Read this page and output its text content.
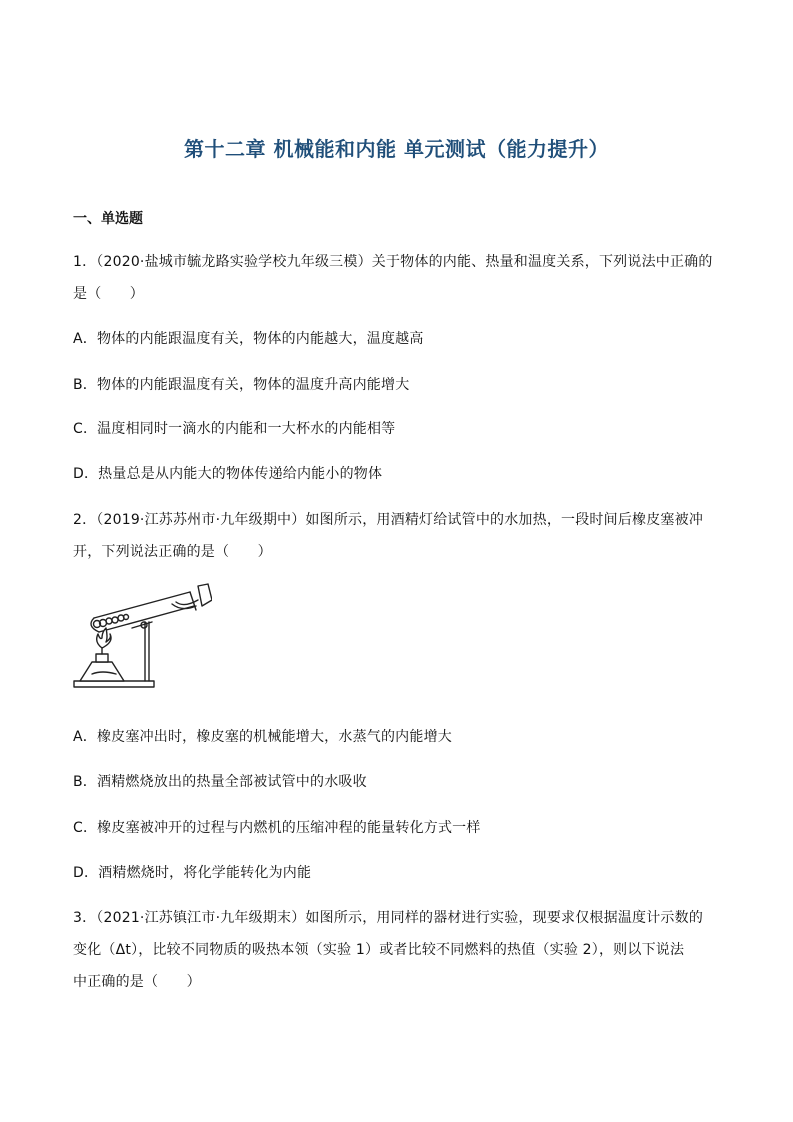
第十二章 机械能和内能 单元测试（能力提升）
一、单选题
1．（2020·盐城市毓龙路实验学校九年级三模）关于物体的内能、热量和温度关系，下列说法中正确的
是（　　）
A．物体的内能跟温度有关，物体的内能越大，温度越高
B．物体的内能跟温度有关，物体的温度升高内能增大
C．温度相同时一滴水的内能和一大杯水的内能相等
D．热量总是从内能大的物体传递给内能小的物体
2．（2019·江苏苏州市·九年级期中）如图所示，用酒精灯给试管中的水加热，一段时间后橡皮塞被冲
开，下列说法正确的是（　　）
A．橡皮塞冲出时，橡皮塞的机械能增大，水蒸气的内能增大
B．酒精燃烧放出的热量全部被试管中的水吸收
C．橡皮塞被冲开的过程与内燃机的压缩冲程的能量转化方式一样
D．酒精燃烧时，将化学能转化为内能
3．（2021·江苏镇江市·九年级期末）如图所示，用同样的器材进行实验，现要求仅根据温度计示数的
变化（Δt），比较不同物质的吸热本领（实验 1）或者比较不同燃料的热值（实验 2），则以下说法
中正确的是（　　）
